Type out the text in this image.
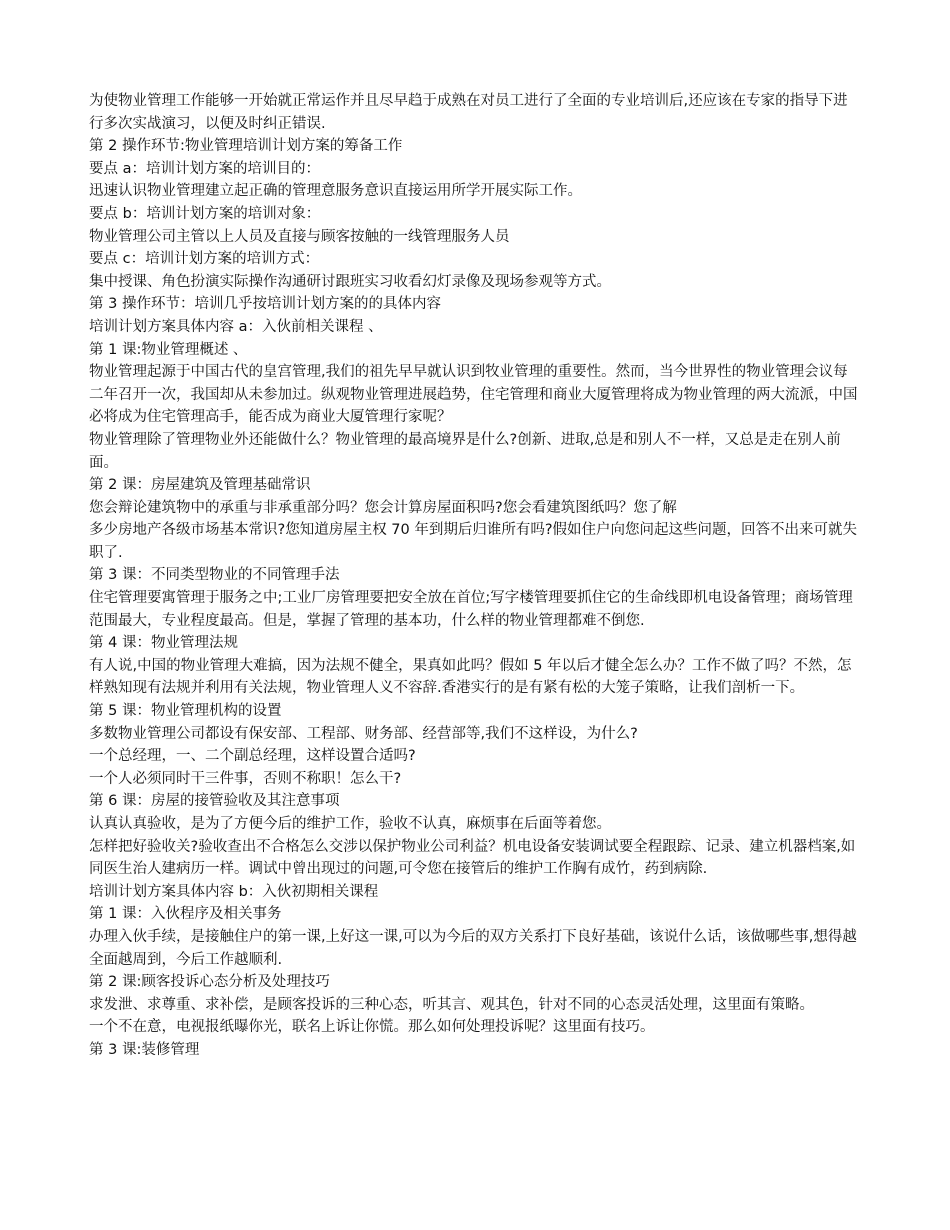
为使物业管理工作能够一开始就正常运作并且尽早趋于成熟在对员工进行了全面的专业培训后,还应该在专家的指导下进行多次实战演习，以便及时纠正错误.

第 2 操作环节:物业管理培训计划方案的筹备工作

要点 a：培训计划方案的培训目的：

迅速认识物业管理建立起正确的管理意服务意识直接运用所学开展实际工作。

要点 b：培训计划方案的培训对象：

物业管理公司主管以上人员及直接与顾客按触的一线管理服务人员

要点 c：培训计划方案的培训方式：

集中授课、角色扮演实际操作沟通研讨跟班实习收看幻灯录像及现场参观等方式。

第 3 操作环节：培训几乎按培训计划方案的的具体内容

培训计划方案具体内容 a：入伙前相关课程 、

第 1 课:物业管理概述 、

物业管理起源于中国古代的皇宫管理,我们的祖先早早就认识到牧业管理的重要性。然而，当今世界性的物业管理会议每二年召开一次，我国却从未参加过。纵观物业管理进展趋势，住宅管理和商业大厦管理将成为物业管理的两大流派，中国必将成为住宅管理高手，能否成为商业大厦管理行家呢？

物业管理除了管理物业外还能做什么？物业管理的最高境界是什么?创新、进取,总是和别人不一样，又总是走在别人前面。

第 2 课：房屋建筑及管理基础常识

您会辩论建筑物中的承重与非承重部分吗？您会计算房屋面积吗?您会看建筑图纸吗？您了解

多少房地产各级市场基本常识?您知道房屋主权 70 年到期后归谁所有吗?假如住户向您问起这些问题，回答不出来可就失职了.

第 3 课：不同类型物业的不同管理手法

住宅管理要寓管理于服务之中;工业厂房管理要把安全放在首位;写字楼管理要抓住它的生命线即机电设备管理；商场管理范围最大，专业程度最高。但是，掌握了管理的基本功，什么样的物业管理都难不倒您.

第 4 课：物业管理法规

有人说,中国的物业管理大难搞，因为法规不健全，果真如此吗？假如 5 年以后才健全怎么办？工作不做了吗？不然，怎样熟知现有法规并利用有关法规，物业管理人义不容辞.香港实行的是有紧有松的大笼子策略，让我们剖析一下。

第 5 课：物业管理机构的设置

多数物业管理公司都设有保安部、工程部、财务部、经营部等,我们不这样设，为什么?

一个总经理，一、二个副总经理，这样设置合适吗?

一个人必须同时干三件事，否则不称职！怎么干?

第 6 课：房屋的接管验收及其注意事项

认真认真验收，是为了方便今后的维护工作，验收不认真，麻烦事在后面等着您。

怎样把好验收关?验收查出不合格怎么交涉以保护物业公司利益？机电设备安装调试要全程跟踪、记录、建立机器档案,如同医生治人建病历一样。调试中曾出现过的问题,可令您在接管后的维护工作胸有成竹，药到病除.

培训计划方案具体内容 b：入伙初期相关课程

第 1 课：入伙程序及相关事务

办理入伙手续，是接触住户的第一课,上好这一课,可以为今后的双方关系打下良好基础，该说什么话，该做哪些事,想得越全面越周到，今后工作越顺利.

第 2 课:顾客投诉心态分析及处理技巧

求发泄、求尊重、求补偿，是顾客投诉的三种心态，听其言、观其色，针对不同的心态灵活处理，这里面有策略。

一个不在意，电视报纸曝你光，联名上诉让你慌。那么如何处理投诉呢？这里面有技巧。

第 3 课:装修管理
